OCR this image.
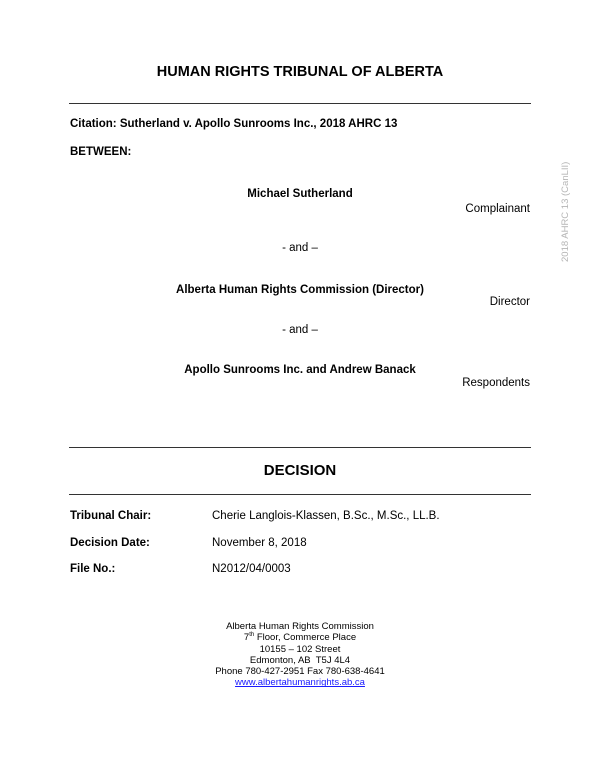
HUMAN RIGHTS TRIBUNAL OF ALBERTA
Citation: Sutherland v. Apollo Sunrooms Inc., 2018 AHRC 13
BETWEEN:
2018 AHRC 13 (CanLII)
Michael Sutherland
Complainant
- and –
Alberta Human Rights Commission (Director)
Director
- and –
Apollo Sunrooms Inc. and Andrew Banack
Respondents
DECISION
Tribunal Chair:	Cherie Langlois-Klassen, B.Sc., M.Sc., LL.B.
Decision Date:	November 8, 2018
File No.:	N2012/04/0003
Alberta Human Rights Commission
7th Floor, Commerce Place
10155 – 102 Street
Edmonton, AB  T5J 4L4
Phone 780-427-2951 Fax 780-638-4641
www.albertahumanrights.ab.ca
